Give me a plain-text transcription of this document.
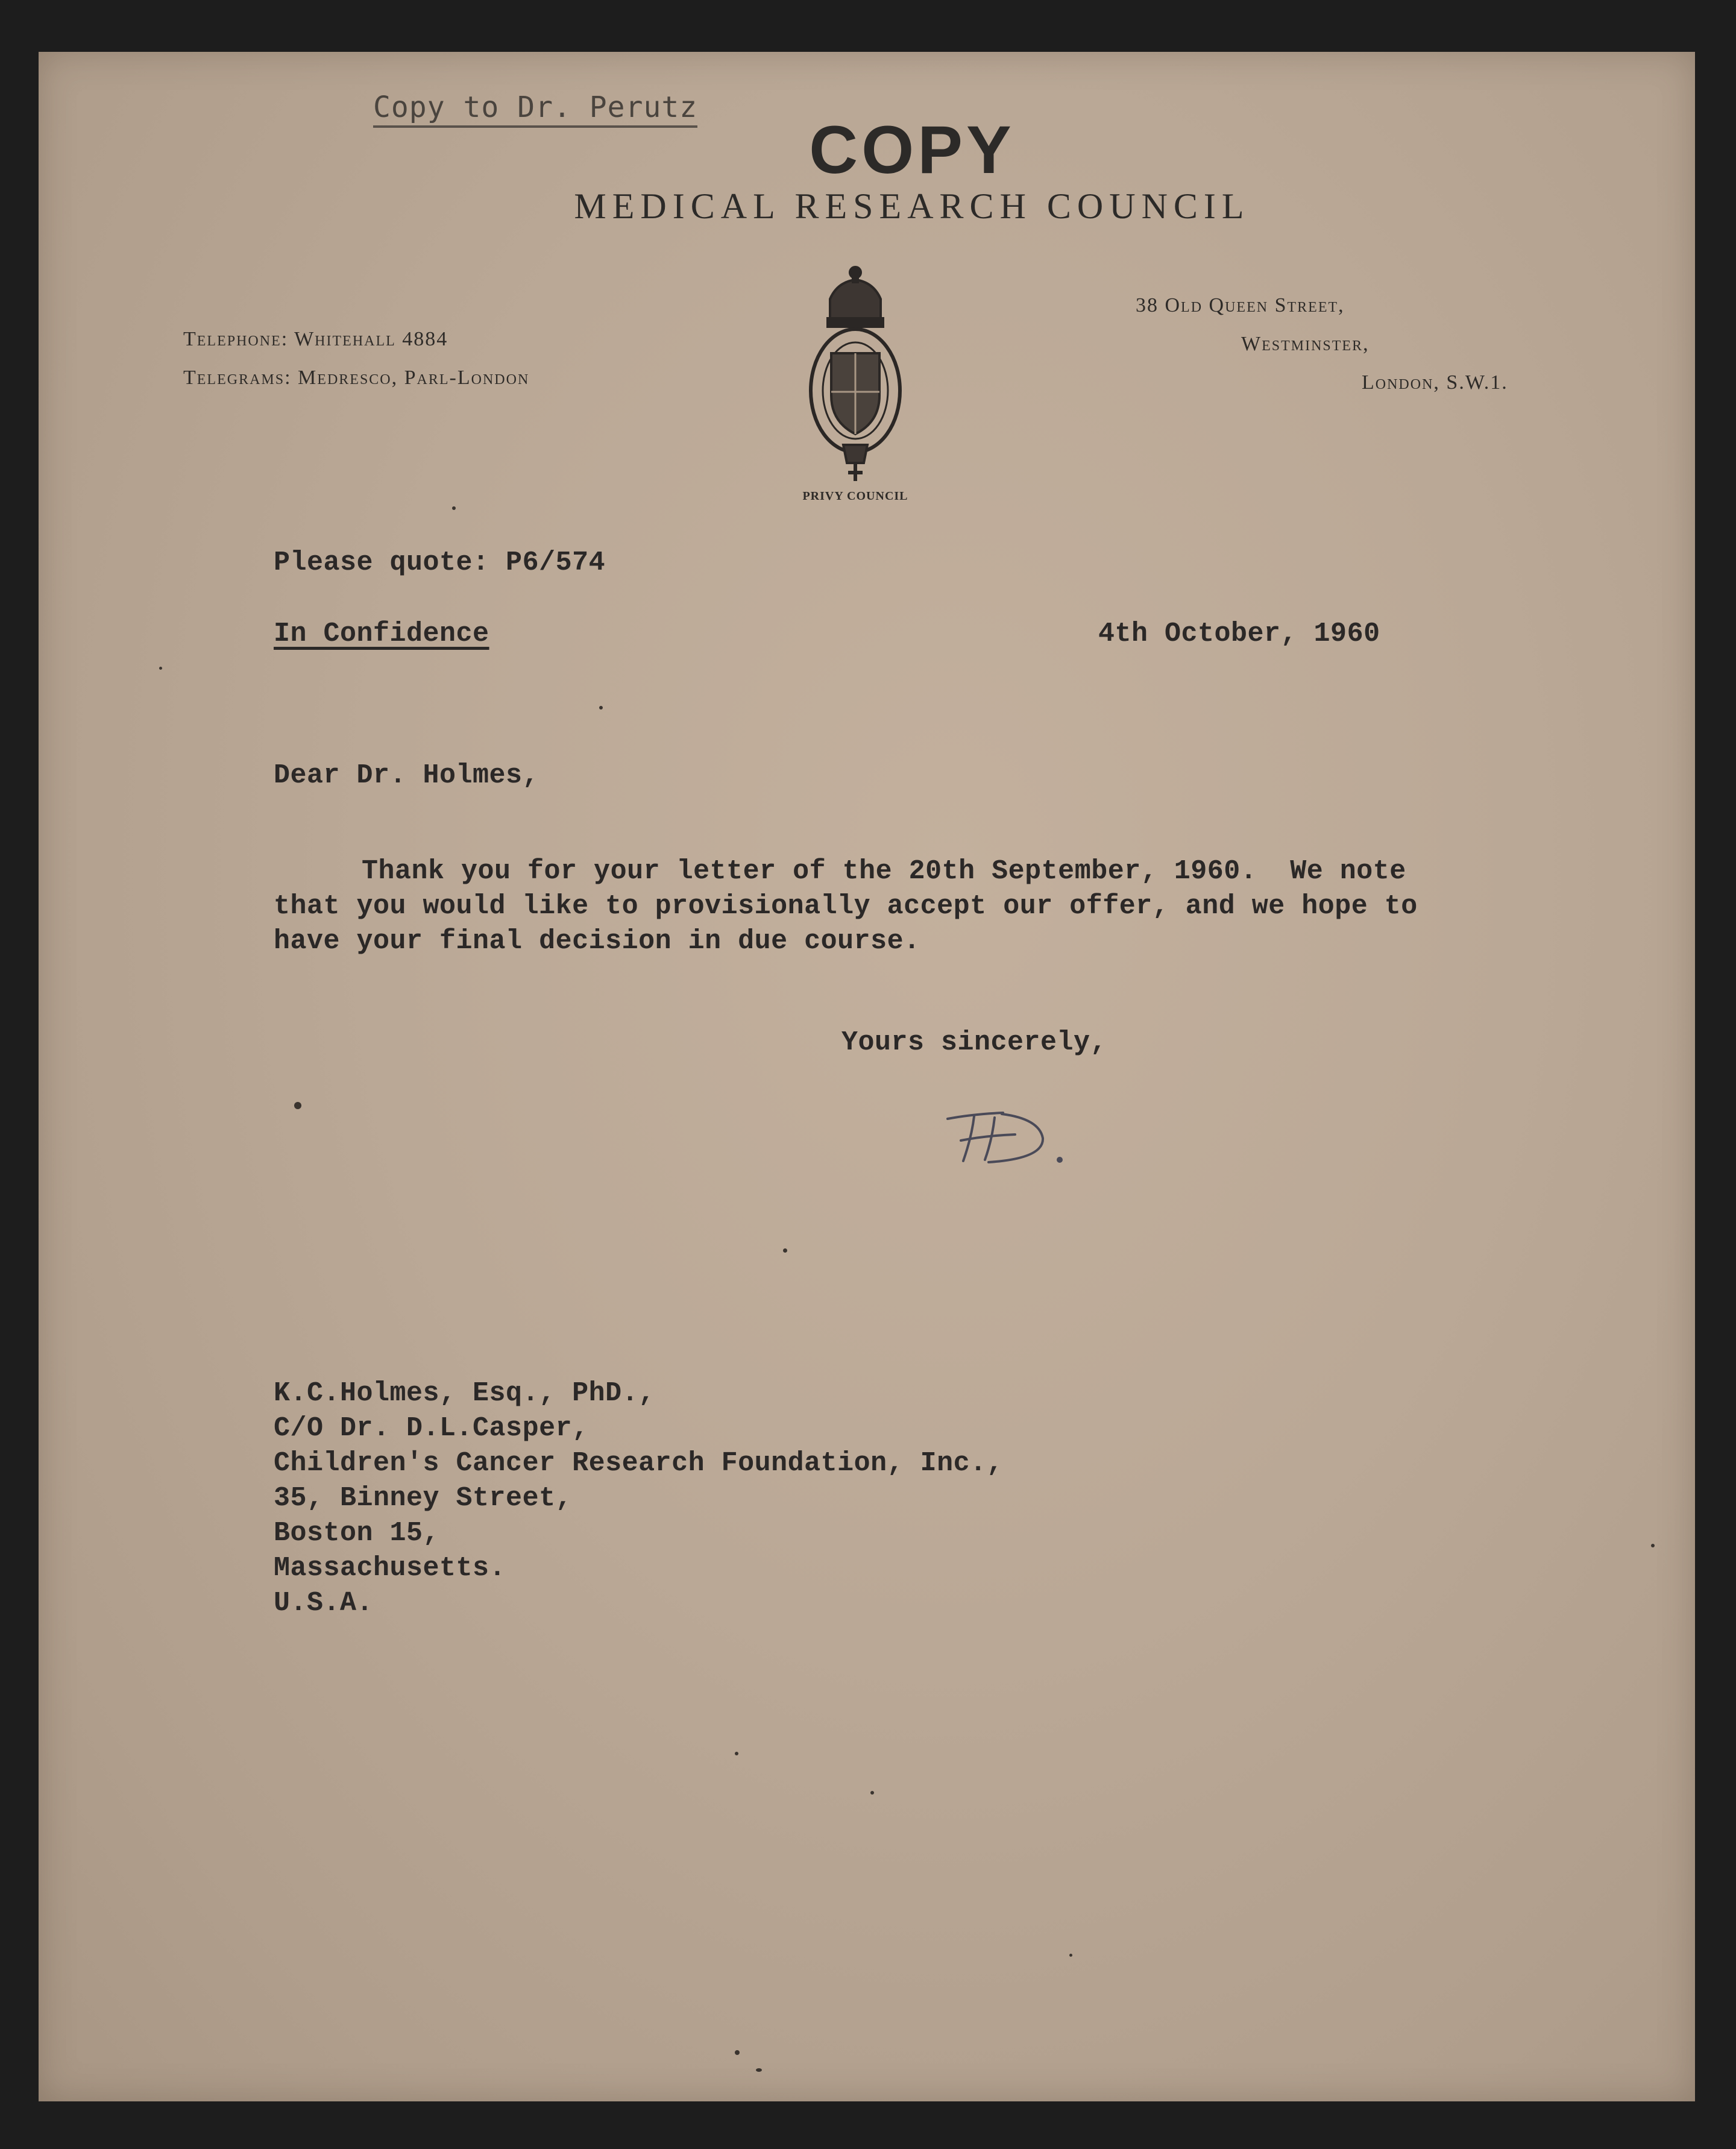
Copy to Dr. Perutz

COPY

MEDICAL RESEARCH COUNCIL

Telephone: Whitehall 4884

Telegrams: Medresco, Parl-London

38 Old Queen Street,

Westminster,

London, S.W.1.

PRIVY COUNCIL

Please quote: P6/574

In Confidence	4th October, 1960

Dear Dr. Holmes,

Thank you for your letter of the 20th September, 1960.  We note

that you would like to provisionally accept our offer, and we hope to

have your final decision in due course.

Yours sincerely,

K.C.Holmes, Esq., PhD.,

C/O Dr. D.L.Casper,

Children's Cancer Research Foundation, Inc.,

35, Binney Street,

Boston 15,

Massachusetts.

U.S.A.
